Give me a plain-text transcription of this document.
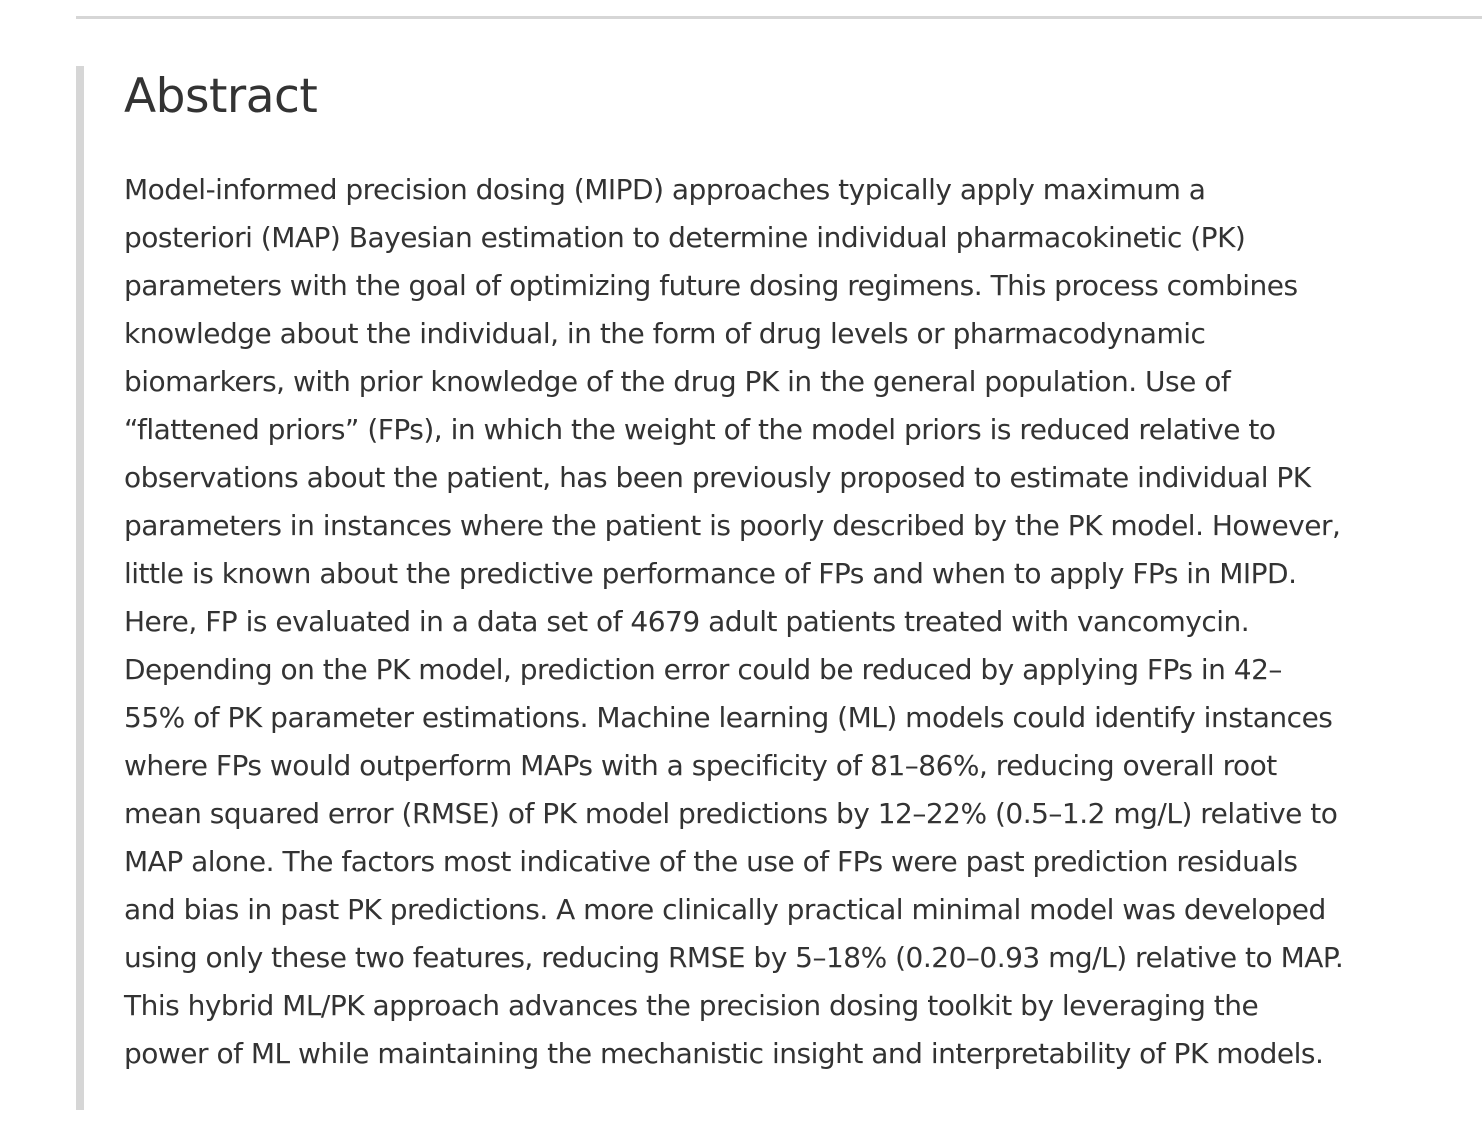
Abstract

Model-informed precision dosing (MIPD) approaches typically apply maximum a
posteriori (MAP) Bayesian estimation to determine individual pharmacokinetic (PK)
parameters with the goal of optimizing future dosing regimens. This process combines
knowledge about the individual, in the form of drug levels or pharmacodynamic
biomarkers, with prior knowledge of the drug PK in the general population. Use of
“flattened priors” (FPs), in which the weight of the model priors is reduced relative to
observations about the patient, has been previously proposed to estimate individual PK
parameters in instances where the patient is poorly described by the PK model. However,
little is known about the predictive performance of FPs and when to apply FPs in MIPD.
Here, FP is evaluated in a data set of 4679 adult patients treated with vancomycin.
Depending on the PK model, prediction error could be reduced by applying FPs in 42–
55% of PK parameter estimations. Machine learning (ML) models could identify instances
where FPs would outperform MAPs with a specificity of 81–86%, reducing overall root
mean squared error (RMSE) of PK model predictions by 12–22% (0.5–1.2 mg/L) relative to
MAP alone. The factors most indicative of the use of FPs were past prediction residuals
and bias in past PK predictions. A more clinically practical minimal model was developed
using only these two features, reducing RMSE by 5–18% (0.20–0.93 mg/L) relative to MAP.
This hybrid ML/PK approach advances the precision dosing toolkit by leveraging the
power of ML while maintaining the mechanistic insight and interpretability of PK models.
